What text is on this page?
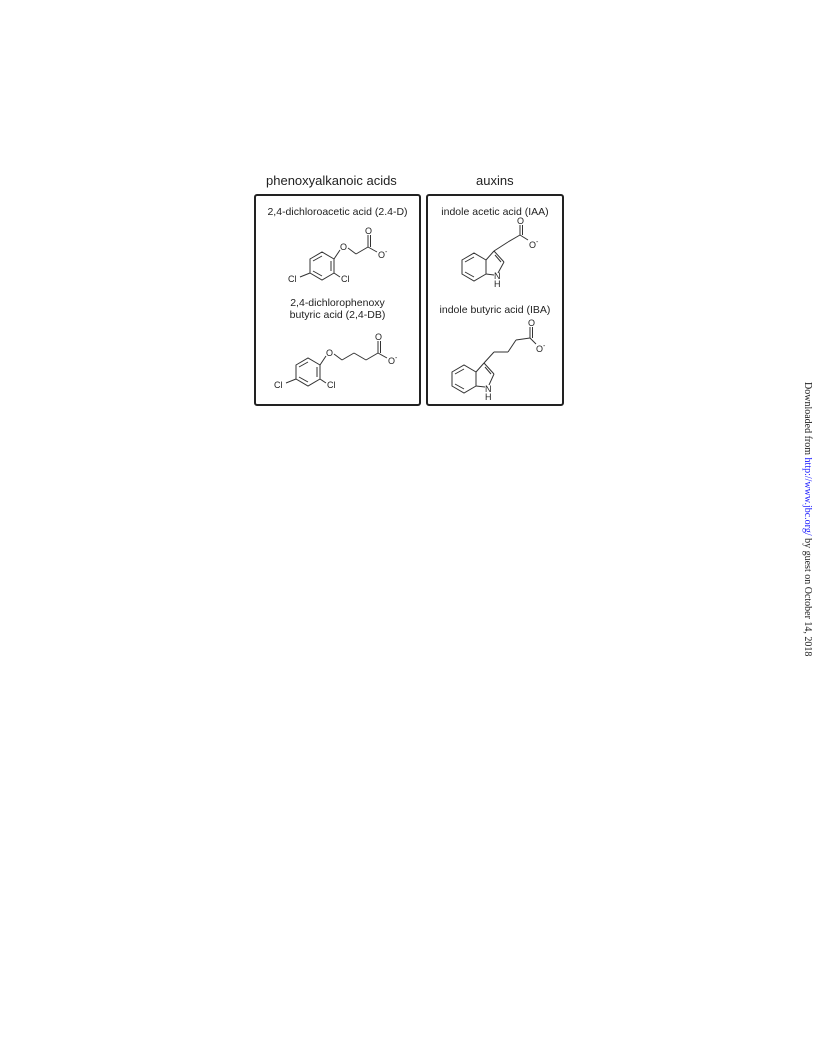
phenoxyalkanoic acids	auxins
2,4-dichloroacetic acid (2.4-D)
O
O
O -
Cl	Cl
2,4-dichlorophenoxy
butyric acid (2,4-DB)
O
O
O -
Cl	Cl
indole acetic acid (IAA)
O
O -
N
H
indole butyric acid (IBA)
O
O -
N
H	Downloaded from http://www.jbc.org/ by guest on October 14, 2018
